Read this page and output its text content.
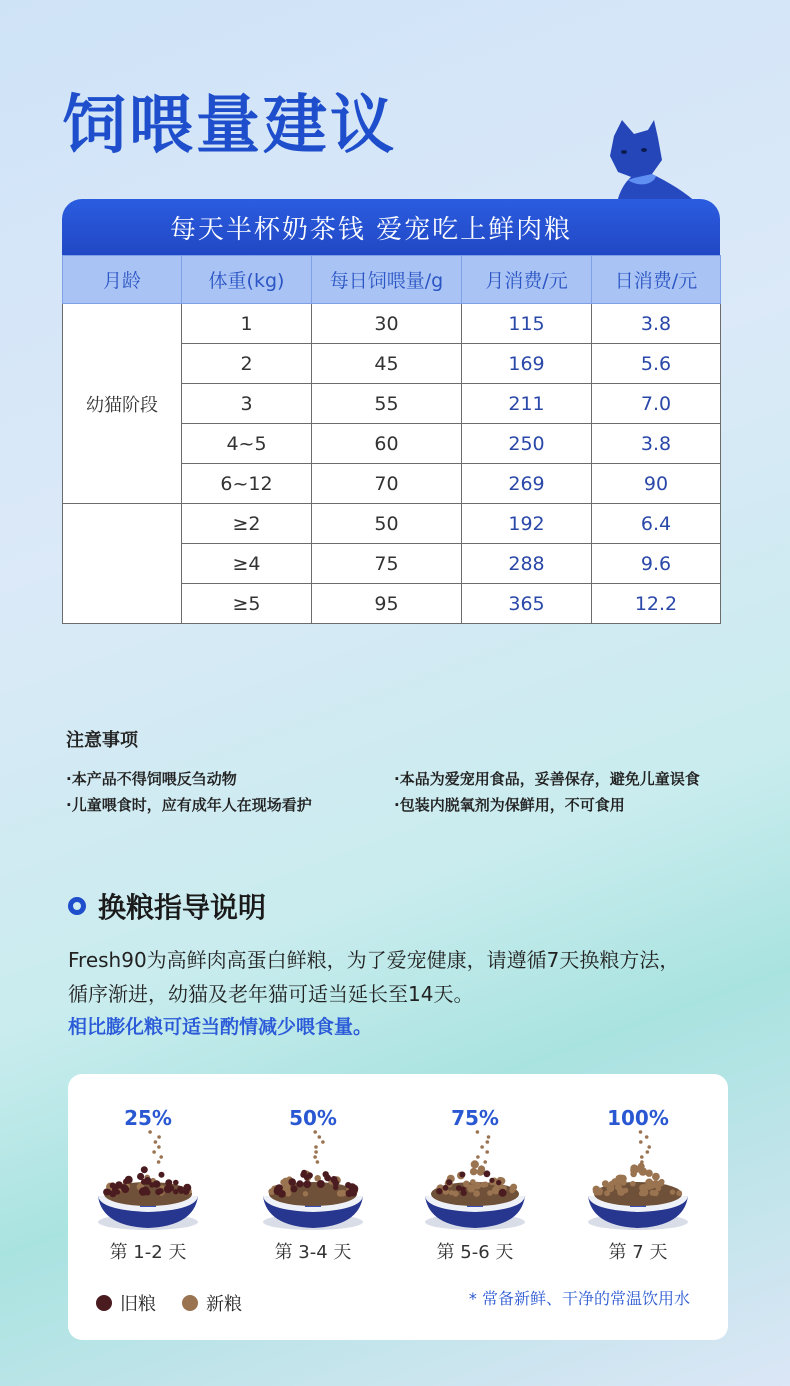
饲喂量建议
每天半杯奶茶钱 爱宠吃上鲜肉粮
月龄	体重(kg)	每日饲喂量/g	月消费/元	日消费/元
幼猫阶段	1	30	115	3.8
	2	45	169	5.6
	3	55	211	7.0
	4~5	60	250	3.8
	6~12	70	269	90
	≥2	50	192	6.4
	≥4	75	288	9.6
	≥5	95	365	12.2
注意事项
·本产品不得饲喂反刍动物
·儿童喂食时，应有成年人在现场看护
·本品为爱宠用食品，妥善保存，避免儿童误食
·包装内脱氧剂为保鲜用，不可食用
换粮指导说明
Fresh90为高鲜肉高蛋白鲜粮，为了爱宠健康，请遵循7天换粮方法，
循序渐进，幼猫及老年猫可适当延长至14天。
相比膨化粮可适当酌情减少喂食量。
25%
第 1-2 天
50%
第 3-4 天
75%
第 5-6 天
100%
第 7 天
旧粮	新粮	* 常备新鲜、干净的常温饮用水
